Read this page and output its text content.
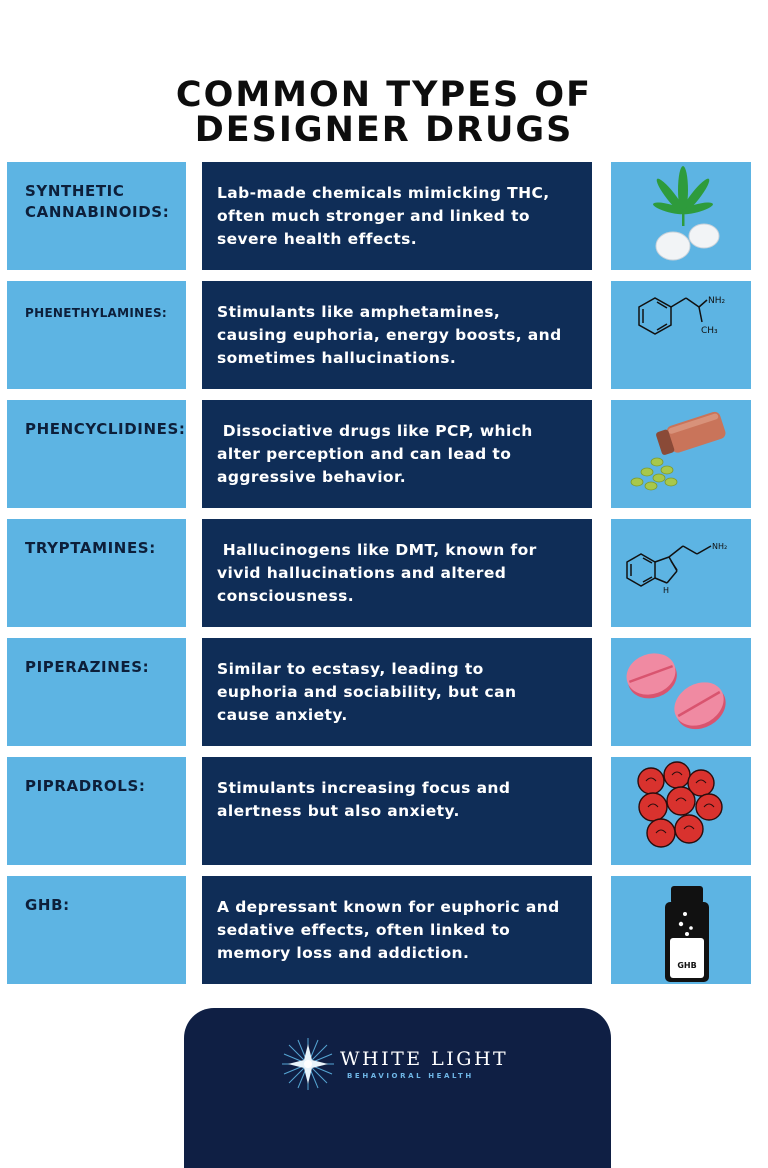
COMMON TYPES OF
DESIGNER DRUGS
SYNTHETIC
CANNABINOIDS:
Lab-made chemicals mimicking THC,
often much stronger and linked to
severe health effects.
PHENETHYLAMINES:	Stimulants like amphetamines,
causing euphoria, energy boosts, and
sometimes hallucinations.
NH₂
CH₃
PHENCYCLIDINES:	Dissociative drugs like PCP, which
alter perception and can lead to
aggressive behavior.
TRYPTAMINES:	Hallucinogens like DMT, known for
vivid hallucinations and altered
consciousness.
NH₂
H
PIPERAZINES:	Similar to ecstasy, leading to
euphoria and sociability, but can
cause anxiety.
PIPRADROLS:	Stimulants increasing focus and
alertness but also anxiety.
GHB:	A depressant known for euphoric and
sedative effects, often linked to
memory loss and addiction.
GHB
WHITE LIGHT
BEHAVIORAL HEALTH
